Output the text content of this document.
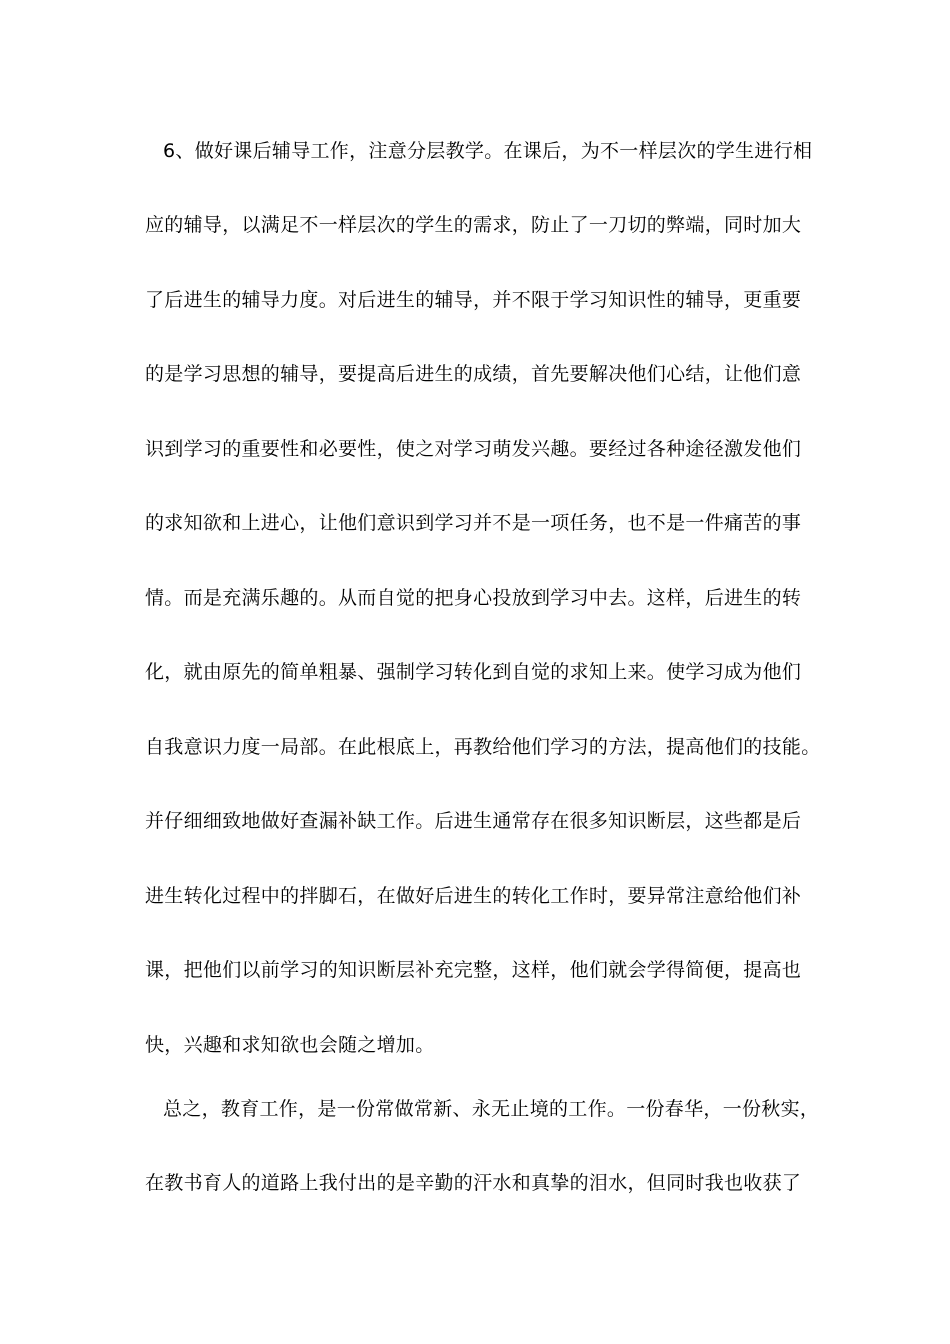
6、做好课后辅导工作，注意分层教学。在课后，为不一样层次的学生进行相
应的辅导，以满足不一样层次的学生的需求，防止了一刀切的弊端，同时加大
了后进生的辅导力度。对后进生的辅导，并不限于学习知识性的辅导，更重要
的是学习思想的辅导，要提高后进生的成绩，首先要解决他们心结，让他们意
识到学习的重要性和必要性，使之对学习萌发兴趣。要经过各种途径激发他们
的求知欲和上进心，让他们意识到学习并不是一项任务，也不是一件痛苦的事
情。而是充满乐趣的。从而自觉的把身心投放到学习中去。这样，后进生的转
化，就由原先的简单粗暴、强制学习转化到自觉的求知上来。使学习成为他们
自我意识力度一局部。在此根底上，再教给他们学习的方法，提高他们的技能。
并仔细细致地做好查漏补缺工作。后进生通常存在很多知识断层，这些都是后
进生转化过程中的拌脚石，在做好后进生的转化工作时，要异常注意给他们补
课，把他们以前学习的知识断层补充完整，这样，他们就会学得简便，提高也
快，兴趣和求知欲也会随之增加。
总之，教育工作，是一份常做常新、永无止境的工作。一份春华，一份秋实，
在教书育人的道路上我付出的是辛勤的汗水和真挚的泪水，但同时我也收获了
